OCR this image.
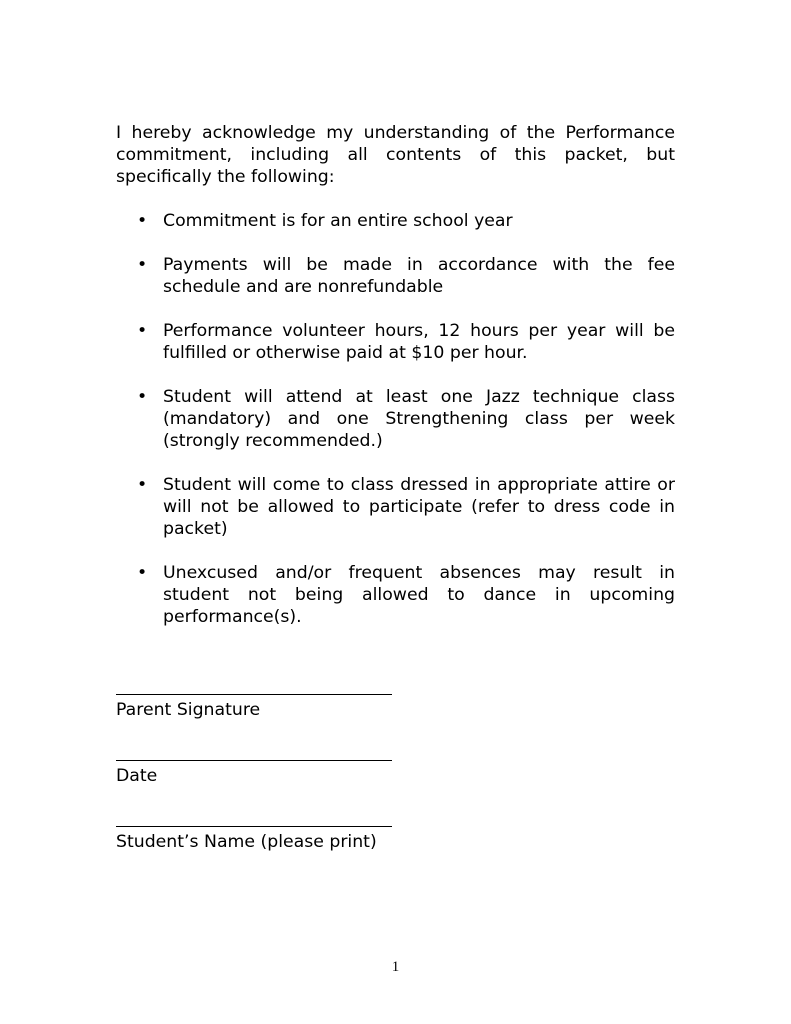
I hereby acknowledge my understanding of the Performance commitment, including all contents of this packet, but specifically the following:

• Commitment is for an entire school year
• Payments will be made in accordance with the fee schedule and are nonrefundable
• Performance volunteer hours, 12 hours per year will be fulfilled or otherwise paid at $10 per hour.
• Student will attend at least one Jazz technique class (mandatory) and one Strengthening class per week (strongly recommended.)
• Student will come to class dressed in appropriate attire or will not be allowed to participate (refer to dress code in packet)
• Unexcused and/or frequent absences may result in student not being allowed to dance in upcoming performance(s).
Parent Signature
Date
Student’s Name (please print)
1
